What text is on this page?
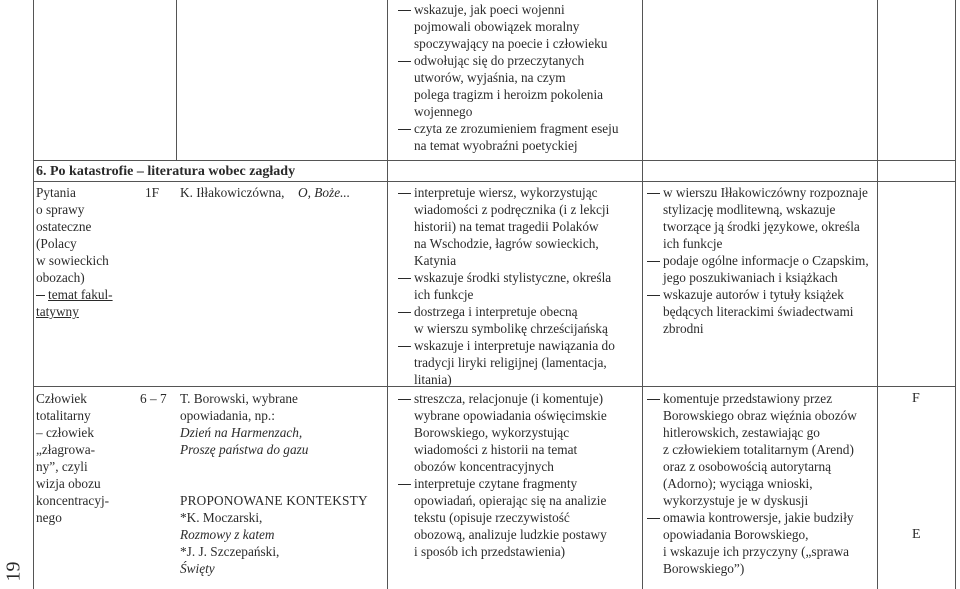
19
wskazuje, jak poeci wojenni
pojmowali obowiązek moralny
spoczywający na poecie i człowieku
odwołując się do przeczytanych
utworów, wyjaśnia, na czym
polega tragizm i heroizm pokolenia
wojennego
czyta ze zrozumieniem fragment eseju
na temat wyobraźni poetyckiej
6. Po katastrofie – literatura wobec zagłady
Pytania
o sprawy
ostateczne
(Polacy
w sowieckich
obozach)
temat fakul-
tatywny
1F K. Iłłakowiczówna, O, Boże...	interpretuje wiersz, wykorzystując
wiadomości z podręcznika (i z lekcji
historii) na temat tragedii Polaków
na Wschodzie, łagrów sowieckich,
Katynia
wskazuje środki stylistyczne, określa
ich funkcje
dostrzega i interpretuje obecną
w wierszu symbolikę chrześcijańską
wskazuje i interpretuje nawiązania do
tradycji liryki religijnej (lamentacja,
litania)
w wierszu Iłłakowiczówny rozpoznaje
stylizację modlitewną, wskazuje
tworzące ją środki językowe, określa
ich funkcje
podaje ogólne informacje o Czapskim,
jego poszukiwaniach i książkach
wskazuje autorów i tytuły książek
będących literackimi świadectwami
zbrodni
Człowiek
totalitarny
– człowiek
„złagrowa-
ny”, czyli
wizja obozu
koncentracyj-
nego
6 – 7 T. Borowski, wybrane
opowiadania, np.:
Dzień na Harmenzach,
Proszę państwa do gazu
PROPONOWANE KONTEKSTY
*K. Moczarski,
Rozmowy z katem
*J. J. Szczepański,
Święty
streszcza, relacjonuje (i komentuje)
wybrane opowiadania oświęcimskie
Borowskiego, wykorzystując
wiadomości z historii na temat
obozów koncentracyjnych
interpretuje czytane fragmenty
opowiadań, opierając się na analizie
tekstu (opisuje rzeczywistość
obozową, analizuje ludzkie postawy
i sposób ich przedstawienia)
komentuje przedstawiony przez
Borowskiego obraz więźnia obozów
hitlerowskich, zestawiając go
z człowiekiem totalitarnym (Arend)
oraz z osobowością autorytarną
(Adorno); wyciąga wnioski,
wykorzystuje je w dyskusji
omawia kontrowersje, jakie budziły
opowiadania Borowskiego,
i wskazuje ich przyczyny („sprawa
Borowskiego”)
F
E
